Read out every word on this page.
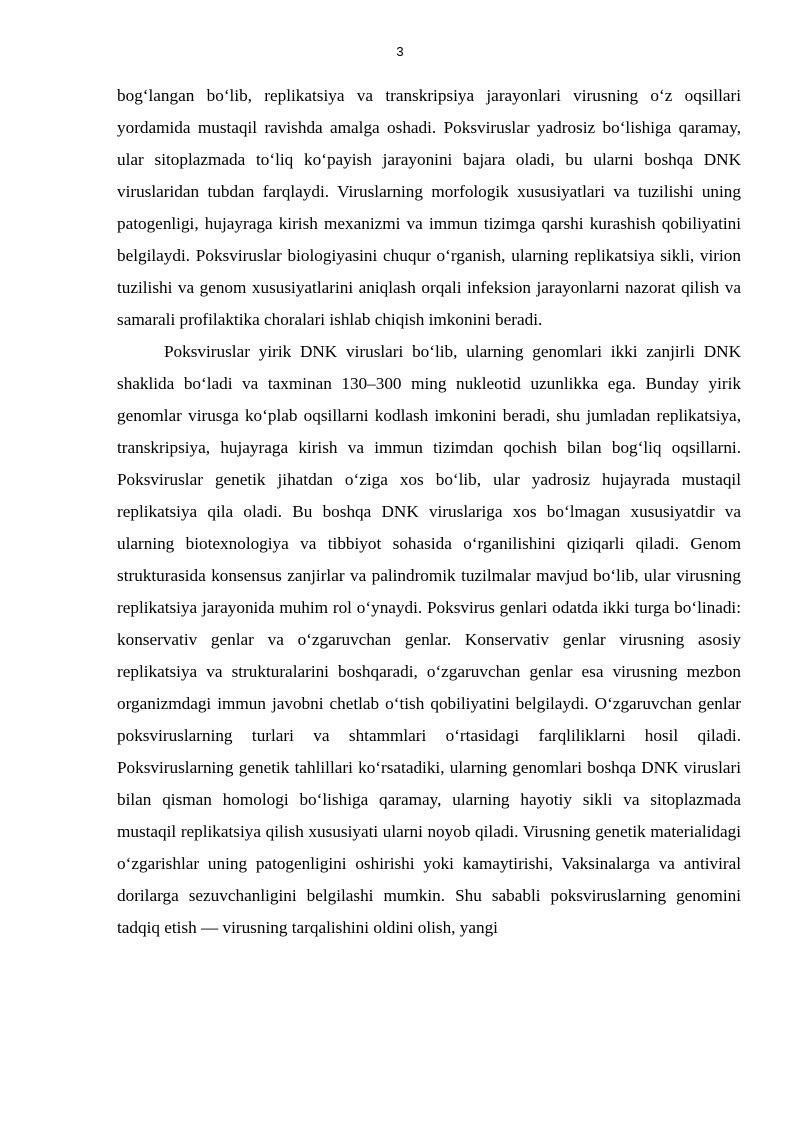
3

bog‘langan bo‘lib, replikatsiya va transkripsiya jarayonlari virusning o‘z oqsillari yordamida mustaqil ravishda amalga oshadi. Poksviruslar yadrosiz bo‘lishiga qaramay, ular sitoplazmada to‘liq ko‘payish jarayonini bajara oladi, bu ularni boshqa DNK viruslaridan tubdan farqlaydi. Viruslarning morfologik xususiyatlari va tuzilishi uning patogenligi, hujayraga kirish mexanizmi va immun tizimga qarshi kurashish qobiliyatini belgilaydi. Poksviruslar biologiyasini chuqur o‘rganish, ularning replikatsiya sikli, virion tuzilishi va genom xususiyatlarini aniqlash orqali infeksion jarayonlarni nazorat qilish va samarali profilaktika choralari ishlab chiqish imkonini beradi.

Poksviruslar yirik DNK viruslari bo‘lib, ularning genomlari ikki zanjirli DNK shaklida bo‘ladi va taxminan 130–300 ming nukleotid uzunlikka ega. Bunday yirik genomlar virusga ko‘plab oqsillarni kodlash imkonini beradi, shu jumladan replikatsiya, transkripsiya, hujayraga kirish va immun tizimdan qochish bilan bog‘liq oqsillarni. Poksviruslar genetik jihatdan o‘ziga xos bo‘lib, ular yadrosiz hujayrada mustaqil replikatsiya qila oladi. Bu boshqa DNK viruslariga xos bo‘lmagan xususiyatdir va ularning biotexnologiya va tibbiyot sohasida o‘rganilishini qiziqarli qiladi. Genom strukturasida konsensus zanjirlar va palindromik tuzilmalar mavjud bo‘lib, ular virusning replikatsiya jarayonida muhim rol o‘ynaydi. Poksvirus genlari odatda ikki turga bo‘linadi: konservativ genlar va o‘zgaruvchan genlar. Konservativ genlar virusning asosiy replikatsiya va strukturalarini boshqaradi, o‘zgaruvchan genlar esa virusning mezbon organizmdagi immun javobni chetlab o‘tish qobiliyatini belgilaydi. O‘zgaruvchan genlar poksviruslarning turlari va shtammlari o‘rtasidagi farqliliklarni hosil qiladi. Poksviruslarning genetik tahlillari ko‘rsatadiki, ularning genomlari boshqa DNK viruslari bilan qisman homologi bo‘lishiga qaramay, ularning hayotiy sikli va sitoplazmada mustaqil replikatsiya qilish xususiyati ularni noyob qiladi. Virusning genetik materialidagi o‘zgarishlar uning patogenligini oshirishi yoki kamaytirishi, Vaksinalarga va antiviral dorilarga sezuvchanligini belgilashi mumkin. Shu sababli poksviruslarning genomini tadqiq etish — virusning tarqalishini oldini olish, yangi
